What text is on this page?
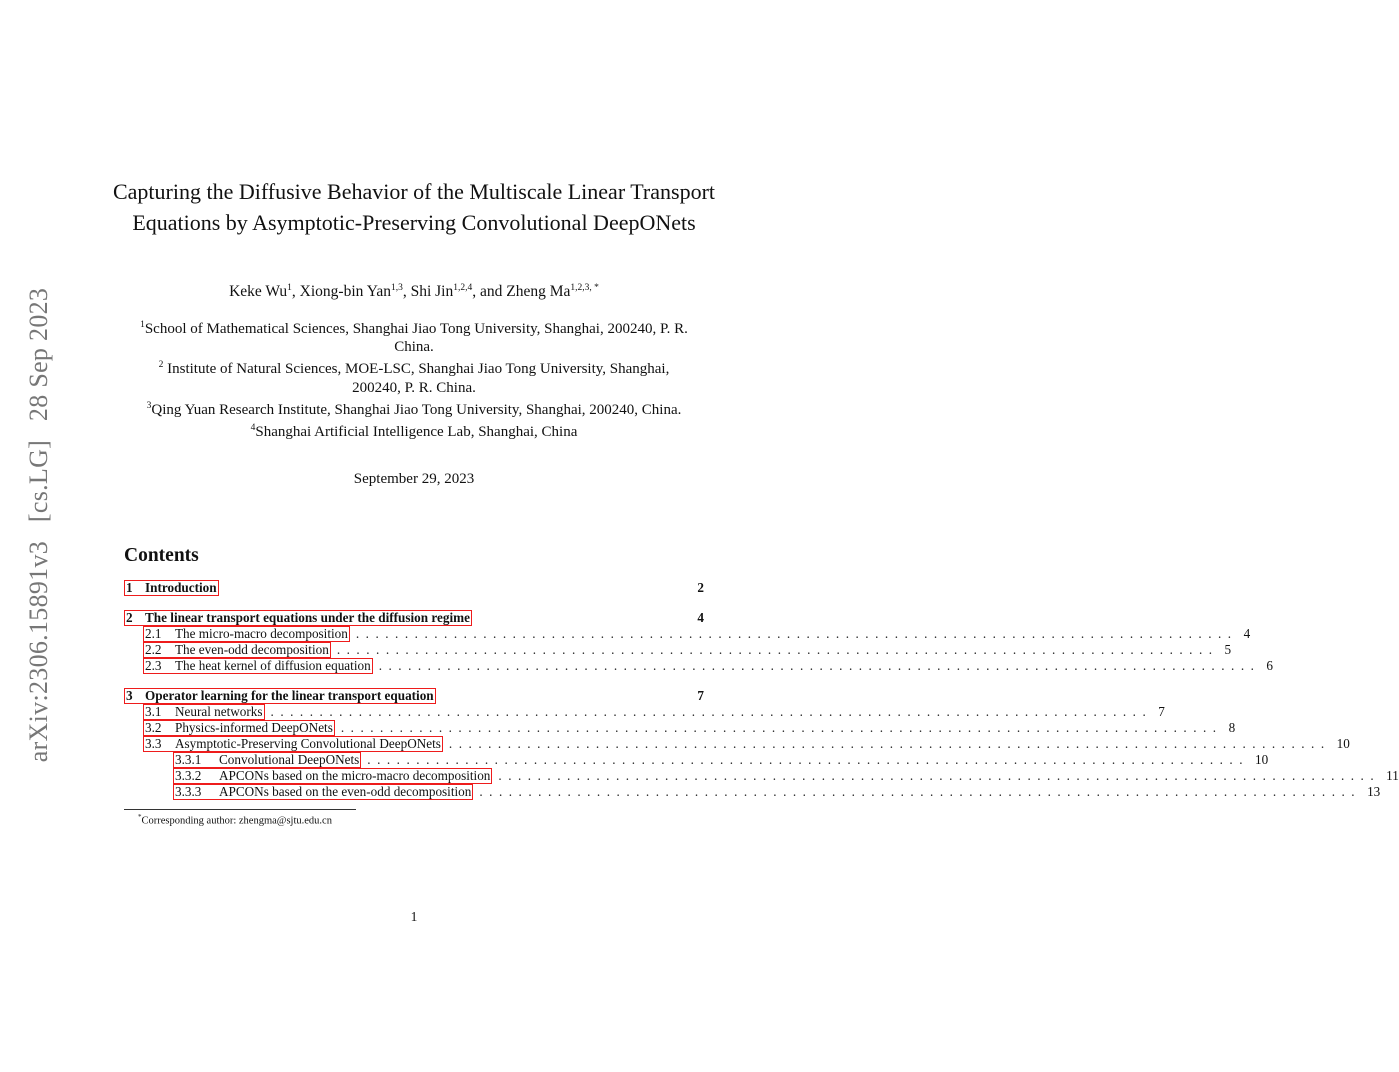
arXiv:2306.15891v3 [cs.LG] 28 Sep 2023
Capturing the Diffusive Behavior of the Multiscale Linear Transport Equations by Asymptotic-Preserving Convolutional DeepONets
Keke Wu$^1$, Xiong-bin Yan$^{1,3}$, Shi Jin$^{1,2,4}$, and Zheng $Ma^{1,2,3, *}$

$^1$School of Mathematical Sciences, Shanghai Jiao Tong University, Shanghai, 200240, P. R. China.

$^2$ Institute of Natural Sciences, MOE-LSC, Shanghai Jiao Tong University, Shanghai, 200240, P. R. China.

$^3$Qing Yuan Research Institute, Shanghai Jiao Tong University, Shanghai, 200240, China.

$^4$Shanghai Artificial Intelligence Lab, Shanghai, China

September 29, 2023
Contents
1 Introduction	2
2 The linear transport equations under the diffusion regime	4
2.1 The micro-macro decomposition .......................................................................................... 4
2.2 The even-odd decomposition .......................................................................................... 5
2.3 The heat kernel of diffusion equation .......................................................................................... 6
3 Operator learning for the linear transport equation	7
3.1 Neural networks .......................................................................................... 7
3.2 Physics-informed DeepONets .......................................................................................... 8
3.3 Asymptotic-Preserving Convolutional DeepONets .......................................................................................... 10
3.3.1 Convolutional DeepONets .......................................................................................... 10
3.3.2 APCONs based on the micro-macro decomposition .......................................................................................... 11
3.3.3 APCONs based on the even-odd decomposition .......................................................................................... 13
*Corresponding author: zhengma@sjtu.edu.cn
1
